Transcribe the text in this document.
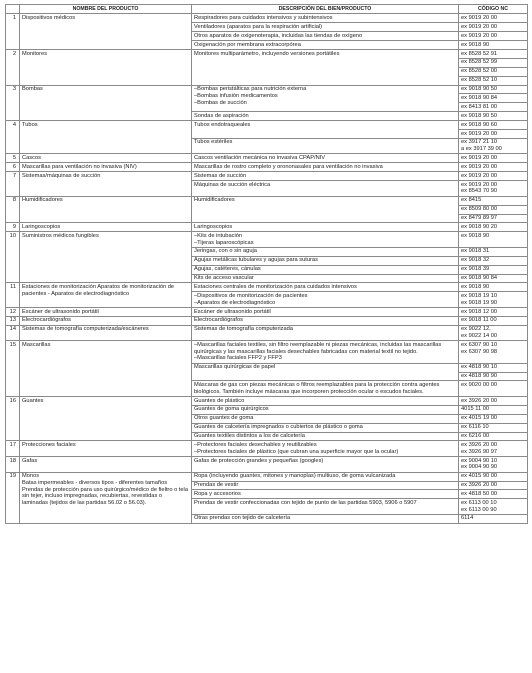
	NOMBRE DEL PRODUCTO	DESCRIPCIÓN DEL BIEN/PRODUCTO	CÓDIGO NC
1	Dispositivos médicos	Respiradores para cuidados intensivos y subintensivos	ex 9019 20 00
		Ventiladores (aparatos para la respiración artificial)	ex 9019 20 00
		Otros aparatos de oxigenoterapia, incluidas las tiendas de oxígeno	ex 9019 20 00
		Oxigenación por membrana extracorpórea	ex 9018 90
2	Monitores	Monitores multiparámetro, incluyendo versiones portátiles	ex 8528 52 91
			ex 8528 52 99
			ex 8528 52 00
			ex 8528 52 10
3	Bombas	–Bombas peristálticas para nutrición externa
–Bombas infusión medicamentos
–Bombas de succión	ex 9018 90 50
			ex 9018 90 84
			ex 8413 81 00
		Sondas de aspiración	ex 9018 90 50
4	Tubos	Tubos endotraqueales	ex 9018 90 60
			ex 9019 20 00
		Tubos estériles	ex 3917 21 10
a ex 3917 39 00
5	Cascos	Cascos ventilación mecánica no invasiva CPAP/NIV	ex 9019 20 00
6	Mascarillas para ventilación no invasiva (NIV)	Mascarillas de rostro completo y orononasales para ventilación no invasiva	ex 9019 20 00
7	Sistemas/máquinas de succión	Sistemas de succión	ex 9019 20 00
		Máquinas de succión eléctrica	ex 9019 20 00
ex 8543 70 90
8	Humidificadores	Humidificadores	ex 8415
			ex 8509 80 00
			ex 8479 89 97
9	Laringoscopios	Laringoscopios	ex 9018 90 20
10	Suministros médicos fungibles	–Kits de intubación
–Tijeras laparoscópicas	ex 9018 90
		Jeringas, con o sin aguja	ex 9018 31
		Agujas metálicas tubulares y agujas para suturas	ex 9018 32
		Agujas, catéteres, cánulas	ex 9018 39
		Kits de acceso vascular	ex 9018 90 84
11	Estaciones de monitorización Aparatos de monitorización de pacientes - Aparatos de electrodiagnóstico	Estaciones centrales de monitorización para cuidados intensivos	ex 9018 90
		–Dispositivos de monitorización de pacientes
–Aparatos de electrodiagnóstico	ex 9018 19 10
ex 9018 19 90
12	Escáner de ultrasonido portátil	Escáner de ultrasonido portátil	ex 9018 12 00
13	Electrocardiógrafos	Electrocardiógrafos	ex 9018 11 00
14	Sistemas de tomografía computerizada/escáneres	Sistemas de tomografía computerizada	ex 9022 12,
ex 9022 14 00
15	Mascarillas	–Mascarillas faciales textiles, sin filtro reemplazable ni piezas mecánicas, incluidas las mascarillas quirúrgicas y las mascarillas faciales desechables fabricadas con material textil no tejido.
–Mascarillas faciales FFP2 y FFP3	ex 6307 90 10
ex 6307 90 98
		Mascarillas quirúrgicas de papel	ex 4818 90 10
			ex 4818 90 90
		Máscaras de gas con piezas mecánicas o filtros reemplazables para la protección contra agentes biológicos. También incluye máscaras que incorporen protección ocular o escudos faciales.	ex 9020 00 00
16	Guantes	Guantes de plástico	ex 3926 20 00
		Guantes de goma quirúrgicos	4015 11 00
		Otros guantes de goma	ex 4015 19 00
		Guantes de calcetería impregnados o cubiertos de plástico o goma	ex 6116 10
		Guantes textiles distintos a los de calcetería	ex 6216 00
17	Protecciones faciales	–Protectores faciales desechables y reutilizables
–Protectores faciales de plástico (que cubran una superficie mayor que la ocular)	ex 3926 20 00
ex 3926 90 97
18	Gafas	Gafas de protección grandes y pequeñas (googles)	ex 9004 90 10
ex 9004 90 90
19	Monos
Batas impermeables - diversos tipos - diferentes tamaños
Prendas de protección para uso quirúrgico/médico de fieltro o tela sin tejer, incluso impregnadas, recubiertas, revestidas o laminadas (tejidos de las partidas 56.02 o 56.03).	Ropa (incluyendo guantes, mitones y manoplas) multiuso, de goma vulcanizada	ex 4015 90 00
		Prendas de vestir	ex 3926 20 00
		Ropa y accesorios	ex 4818 50 00
		Prendas de vestir confeccionadas con tejido de punto de las partidas 5903, 5906 o 5907	ex 6113 00 10
ex 6113 00 90
		Otras prendas con tejido de calcetería	6114
